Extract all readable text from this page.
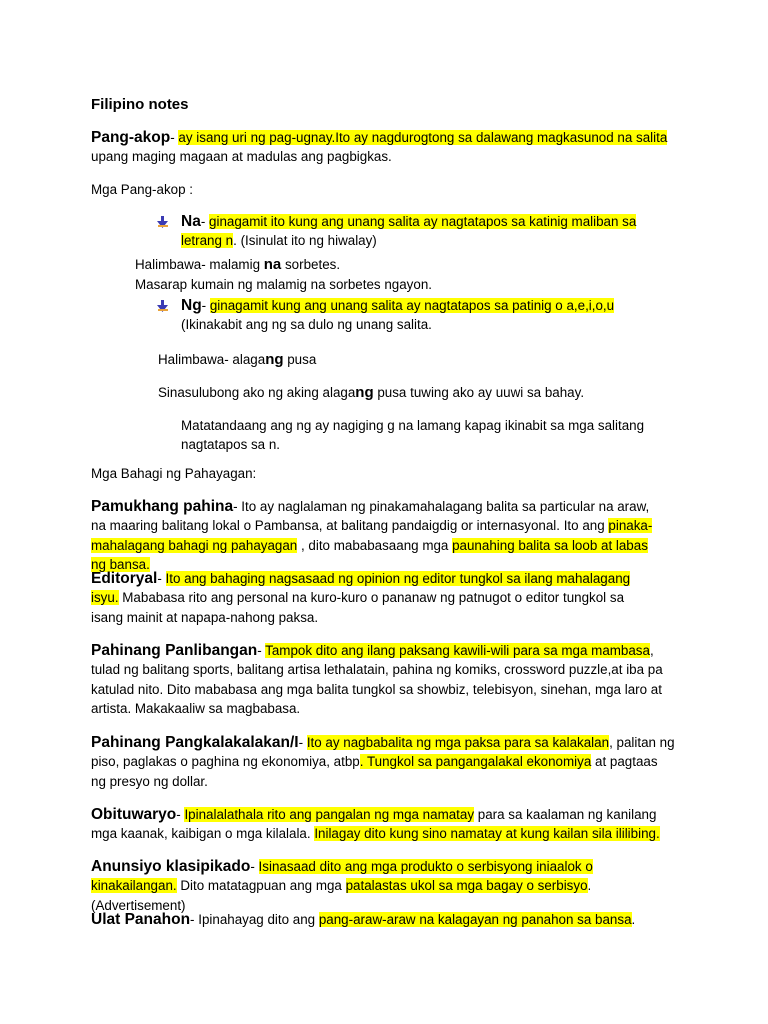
Filipino notes
Pang-akop- ay isang uri ng pag-ugnay.Ito ay nagdurogtong sa dalawang magkasunod na salita upang maging magaan at madulas ang pagbigkas.
Mga Pang-akop :
Na- ginagamit ito kung ang unang salita ay nagtatapos sa katinig maliban sa letrang n. (Isinulat ito ng hiwalay)
Halimbawa- malamig na sorbetes.
Masarap kumain ng malamig na sorbetes ngayon.
Ng- ginagamit kung ang unang salita ay nagtatapos sa patinig o a,e,i,o,u (Ikinakabit ang ng sa dulo ng unang salita.
Halimbawa- alagang pusa
Sinasulubong ako ng aking alagang pusa tuwing ako ay uuwi sa bahay.
Matatandaang ang ng ay nagiging g na lamang kapag ikinabit sa mga salitang nagtatapos sa n.
Mga Bahagi ng Pahayagan:
Pamukhang pahina- Ito ay naglalaman ng pinakamahalagang balita sa particular na araw, na maaring balitang lokal o Pambansa, at balitang pandaigdig or internasyonal. Ito ang pinaka-mahalagang bahagi ng pahayagan , dito mababasaang mga paunahing balita sa loob at labas ng bansa.
Editoryal- Ito ang bahaging nagsasaad ng opinion ng editor tungkol sa ilang mahalagang isyu. Mababasa rito ang personal na kuro-kuro o pananaw ng patnugot o editor tungkol sa isang mainit at napapa-nahong paksa.
Pahinang Panlibangan- Tampok dito ang ilang paksang kawili-wili para sa mga mambasa, tulad ng balitang sports, balitang artisa lethalatain, pahina ng komiks, crossword puzzle,at iba pa katulad nito. Dito mababasa ang mga balita tungkol sa showbiz, telebisyon, sinehan, mga laro at artista. Makakaaliw sa magbabasa.
Pahinang Pangkalakalakan/I- Ito ay nagbabalita ng mga paksa para sa kalakalan, palitan ng piso, paglakas o paghina ng ekonomiya, atbp. Tungkol sa pangangalakal ekonomiya at pagtaas ng presyo ng dollar.
Obituwaryo- Ipinalalathala rito ang pangalan ng mga namatay para sa kaalaman ng kanilang mga kaanak, kaibigan o mga kilalala. Inilagay dito kung sino namatay at kung kailan sila ililibing.
Anunsiyo klasipikado- Isinasaad dito ang mga produkto o serbisyong iniaalok o kinakailangan. Dito matatagpuan ang mga patalastas ukol sa mga bagay o serbisyo. (Advertisement)
Ulat Panahon- Ipinahayag dito ang pang-araw-araw na kalagayan ng panahon sa bansa.
